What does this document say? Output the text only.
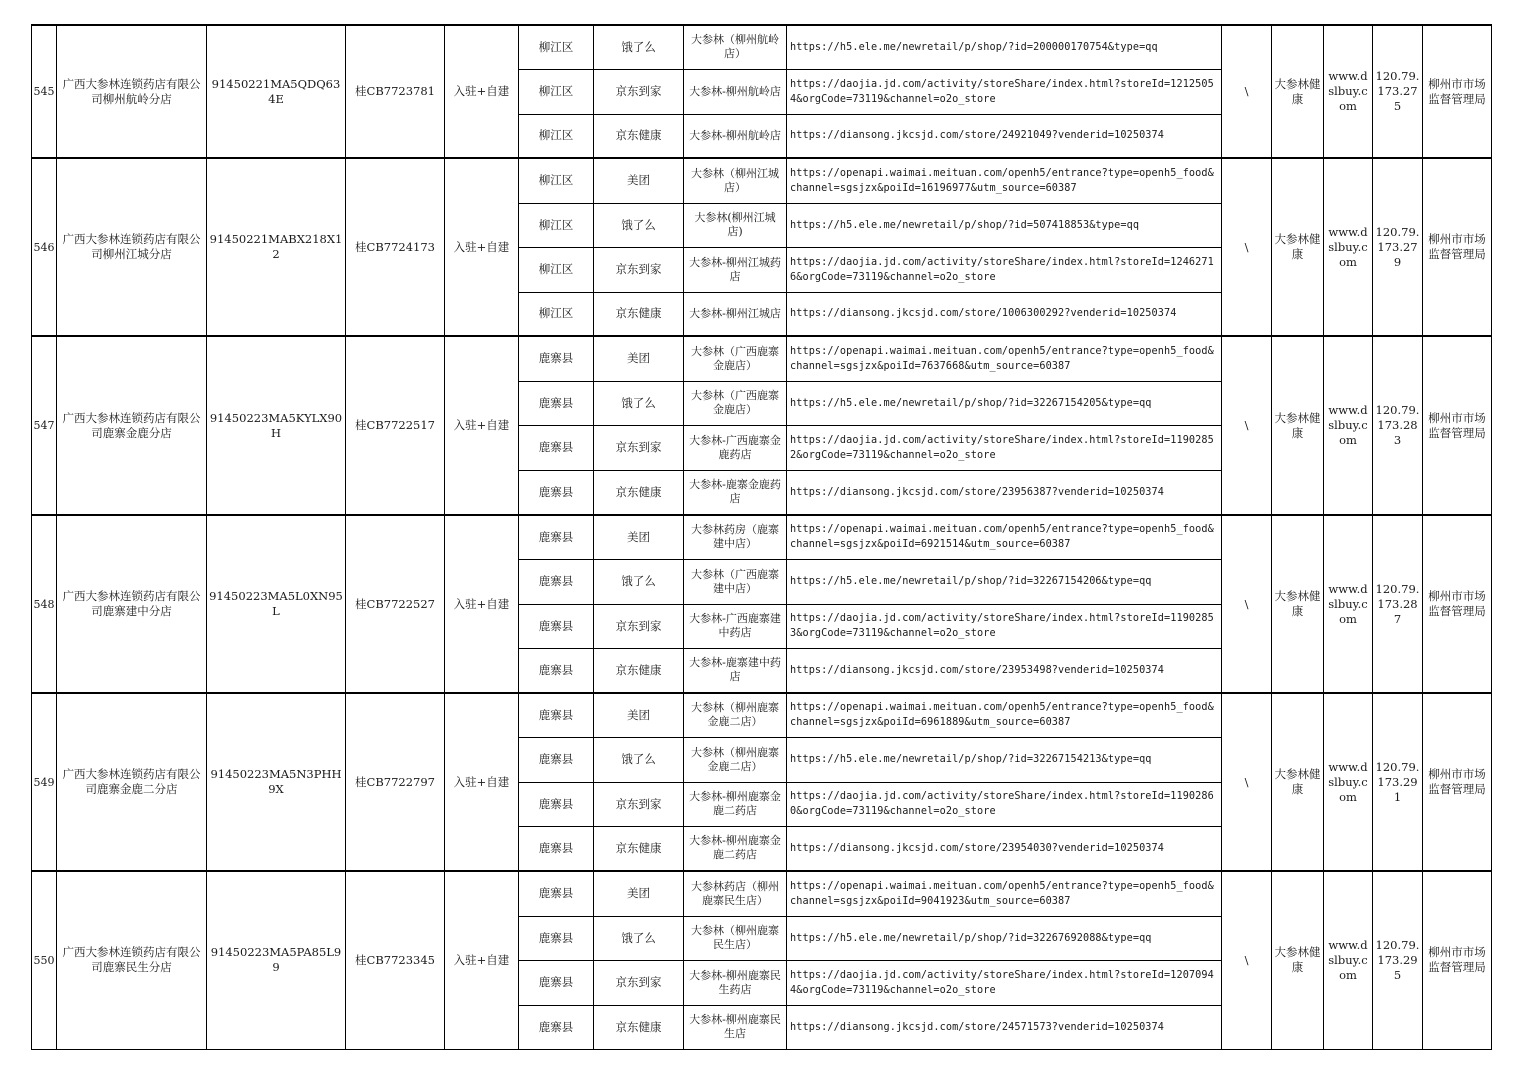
545	广西大参林连锁药店有限公司柳州航岭分店	91450221MA5QDQ634E	桂CB7723781	入驻+自建	柳江区	饿了么	大参林（柳州航岭店）	https://h5.ele.me/newretail/p/shop/?id=200000170754&type=qq	\	大参林健康	www.dslbuy.com	120.79.173.275	柳州市市场监督管理局
					柳江区	京东到家	大参林-柳州航岭店	https://daojia.jd.com/activity/storeShare/index.html?storeId=12125054&orgCode=73119&channel=o2o_store					
					柳江区	京东健康	大参林-柳州航岭店	https://diansong.jkcsjd.com/store/24921049?venderid=10250374					
546	广西大参林连锁药店有限公司柳州江城分店	91450221MABX218X12	桂CB7724173	入驻+自建	柳江区	美团	大参林（柳州江城店）	https://openapi.waimai.meituan.com/openh5/entrance?type=openh5_food&channel=sgsjzx&poiId=16196977&utm_source=60387	\	大参林健康	www.dslbuy.com	120.79.173.279	柳州市市场监督管理局
					柳江区	饿了么	大参林(柳州江城店)	https://h5.ele.me/newretail/p/shop/?id=507418853&type=qq					
					柳江区	京东到家	大参林-柳州江城药店	https://daojia.jd.com/activity/storeShare/index.html?storeId=12462716&orgCode=73119&channel=o2o_store					
					柳江区	京东健康	大参林-柳州江城店	https://diansong.jkcsjd.com/store/1006300292?venderid=10250374					
547	广西大参林连锁药店有限公司鹿寨金鹿分店	91450223MA5KYLX90H	桂CB7722517	入驻+自建	鹿寨县	美团	大参林（广西鹿寨金鹿店）	https://openapi.waimai.meituan.com/openh5/entrance?type=openh5_food&channel=sgsjzx&poiId=7637668&utm_source=60387	\	大参林健康	www.dslbuy.com	120.79.173.283	柳州市市场监督管理局
					鹿寨县	饿了么	大参林（广西鹿寨金鹿店）	https://h5.ele.me/newretail/p/shop/?id=32267154205&type=qq					
					鹿寨县	京东到家	大参林-广西鹿寨金鹿药店	https://daojia.jd.com/activity/storeShare/index.html?storeId=11902852&orgCode=73119&channel=o2o_store					
					鹿寨县	京东健康	大参林-鹿寨金鹿药店	https://diansong.jkcsjd.com/store/23956387?venderid=10250374					
548	广西大参林连锁药店有限公司鹿寨建中分店	91450223MA5L0XN95L	桂CB7722527	入驻+自建	鹿寨县	美团	大参林药房（鹿寨建中店）	https://openapi.waimai.meituan.com/openh5/entrance?type=openh5_food&channel=sgsjzx&poiId=6921514&utm_source=60387	\	大参林健康	www.dslbuy.com	120.79.173.287	柳州市市场监督管理局
					鹿寨县	饿了么	大参林（广西鹿寨建中店）	https://h5.ele.me/newretail/p/shop/?id=32267154206&type=qq					
					鹿寨县	京东到家	大参林-广西鹿寨建中药店	https://daojia.jd.com/activity/storeShare/index.html?storeId=11902853&orgCode=73119&channel=o2o_store					
					鹿寨县	京东健康	大参林-鹿寨建中药店	https://diansong.jkcsjd.com/store/23953498?venderid=10250374					
549	广西大参林连锁药店有限公司鹿寨金鹿二分店	91450223MA5N3PHH9X	桂CB7722797	入驻+自建	鹿寨县	美团	大参林（柳州鹿寨金鹿二店）	https://openapi.waimai.meituan.com/openh5/entrance?type=openh5_food&channel=sgsjzx&poiId=6961889&utm_source=60387	\	大参林健康	www.dslbuy.com	120.79.173.291	柳州市市场监督管理局
					鹿寨县	饿了么	大参林（柳州鹿寨金鹿二店）	https://h5.ele.me/newretail/p/shop/?id=32267154213&type=qq					
					鹿寨县	京东到家	大参林-柳州鹿寨金鹿二药店	https://daojia.jd.com/activity/storeShare/index.html?storeId=11902860&orgCode=73119&channel=o2o_store					
					鹿寨县	京东健康	大参林-柳州鹿寨金鹿二药店	https://diansong.jkcsjd.com/store/23954030?venderid=10250374					
550	广西大参林连锁药店有限公司鹿寨民生分店	91450223MA5PA85L99	桂CB7723345	入驻+自建	鹿寨县	美团	大参林药店（柳州鹿寨民生店）	https://openapi.waimai.meituan.com/openh5/entrance?type=openh5_food&channel=sgsjzx&poiId=9041923&utm_source=60387	\	大参林健康	www.dslbuy.com	120.79.173.295	柳州市市场监督管理局
					鹿寨县	饿了么	大参林（柳州鹿寨民生店）	https://h5.ele.me/newretail/p/shop/?id=32267692088&type=qq					
					鹿寨县	京东到家	大参林-柳州鹿寨民生药店	https://daojia.jd.com/activity/storeShare/index.html?storeId=12070944&orgCode=73119&channel=o2o_store					
					鹿寨县	京东健康	大参林-柳州鹿寨民生店	https://diansong.jkcsjd.com/store/24571573?venderid=10250374					
